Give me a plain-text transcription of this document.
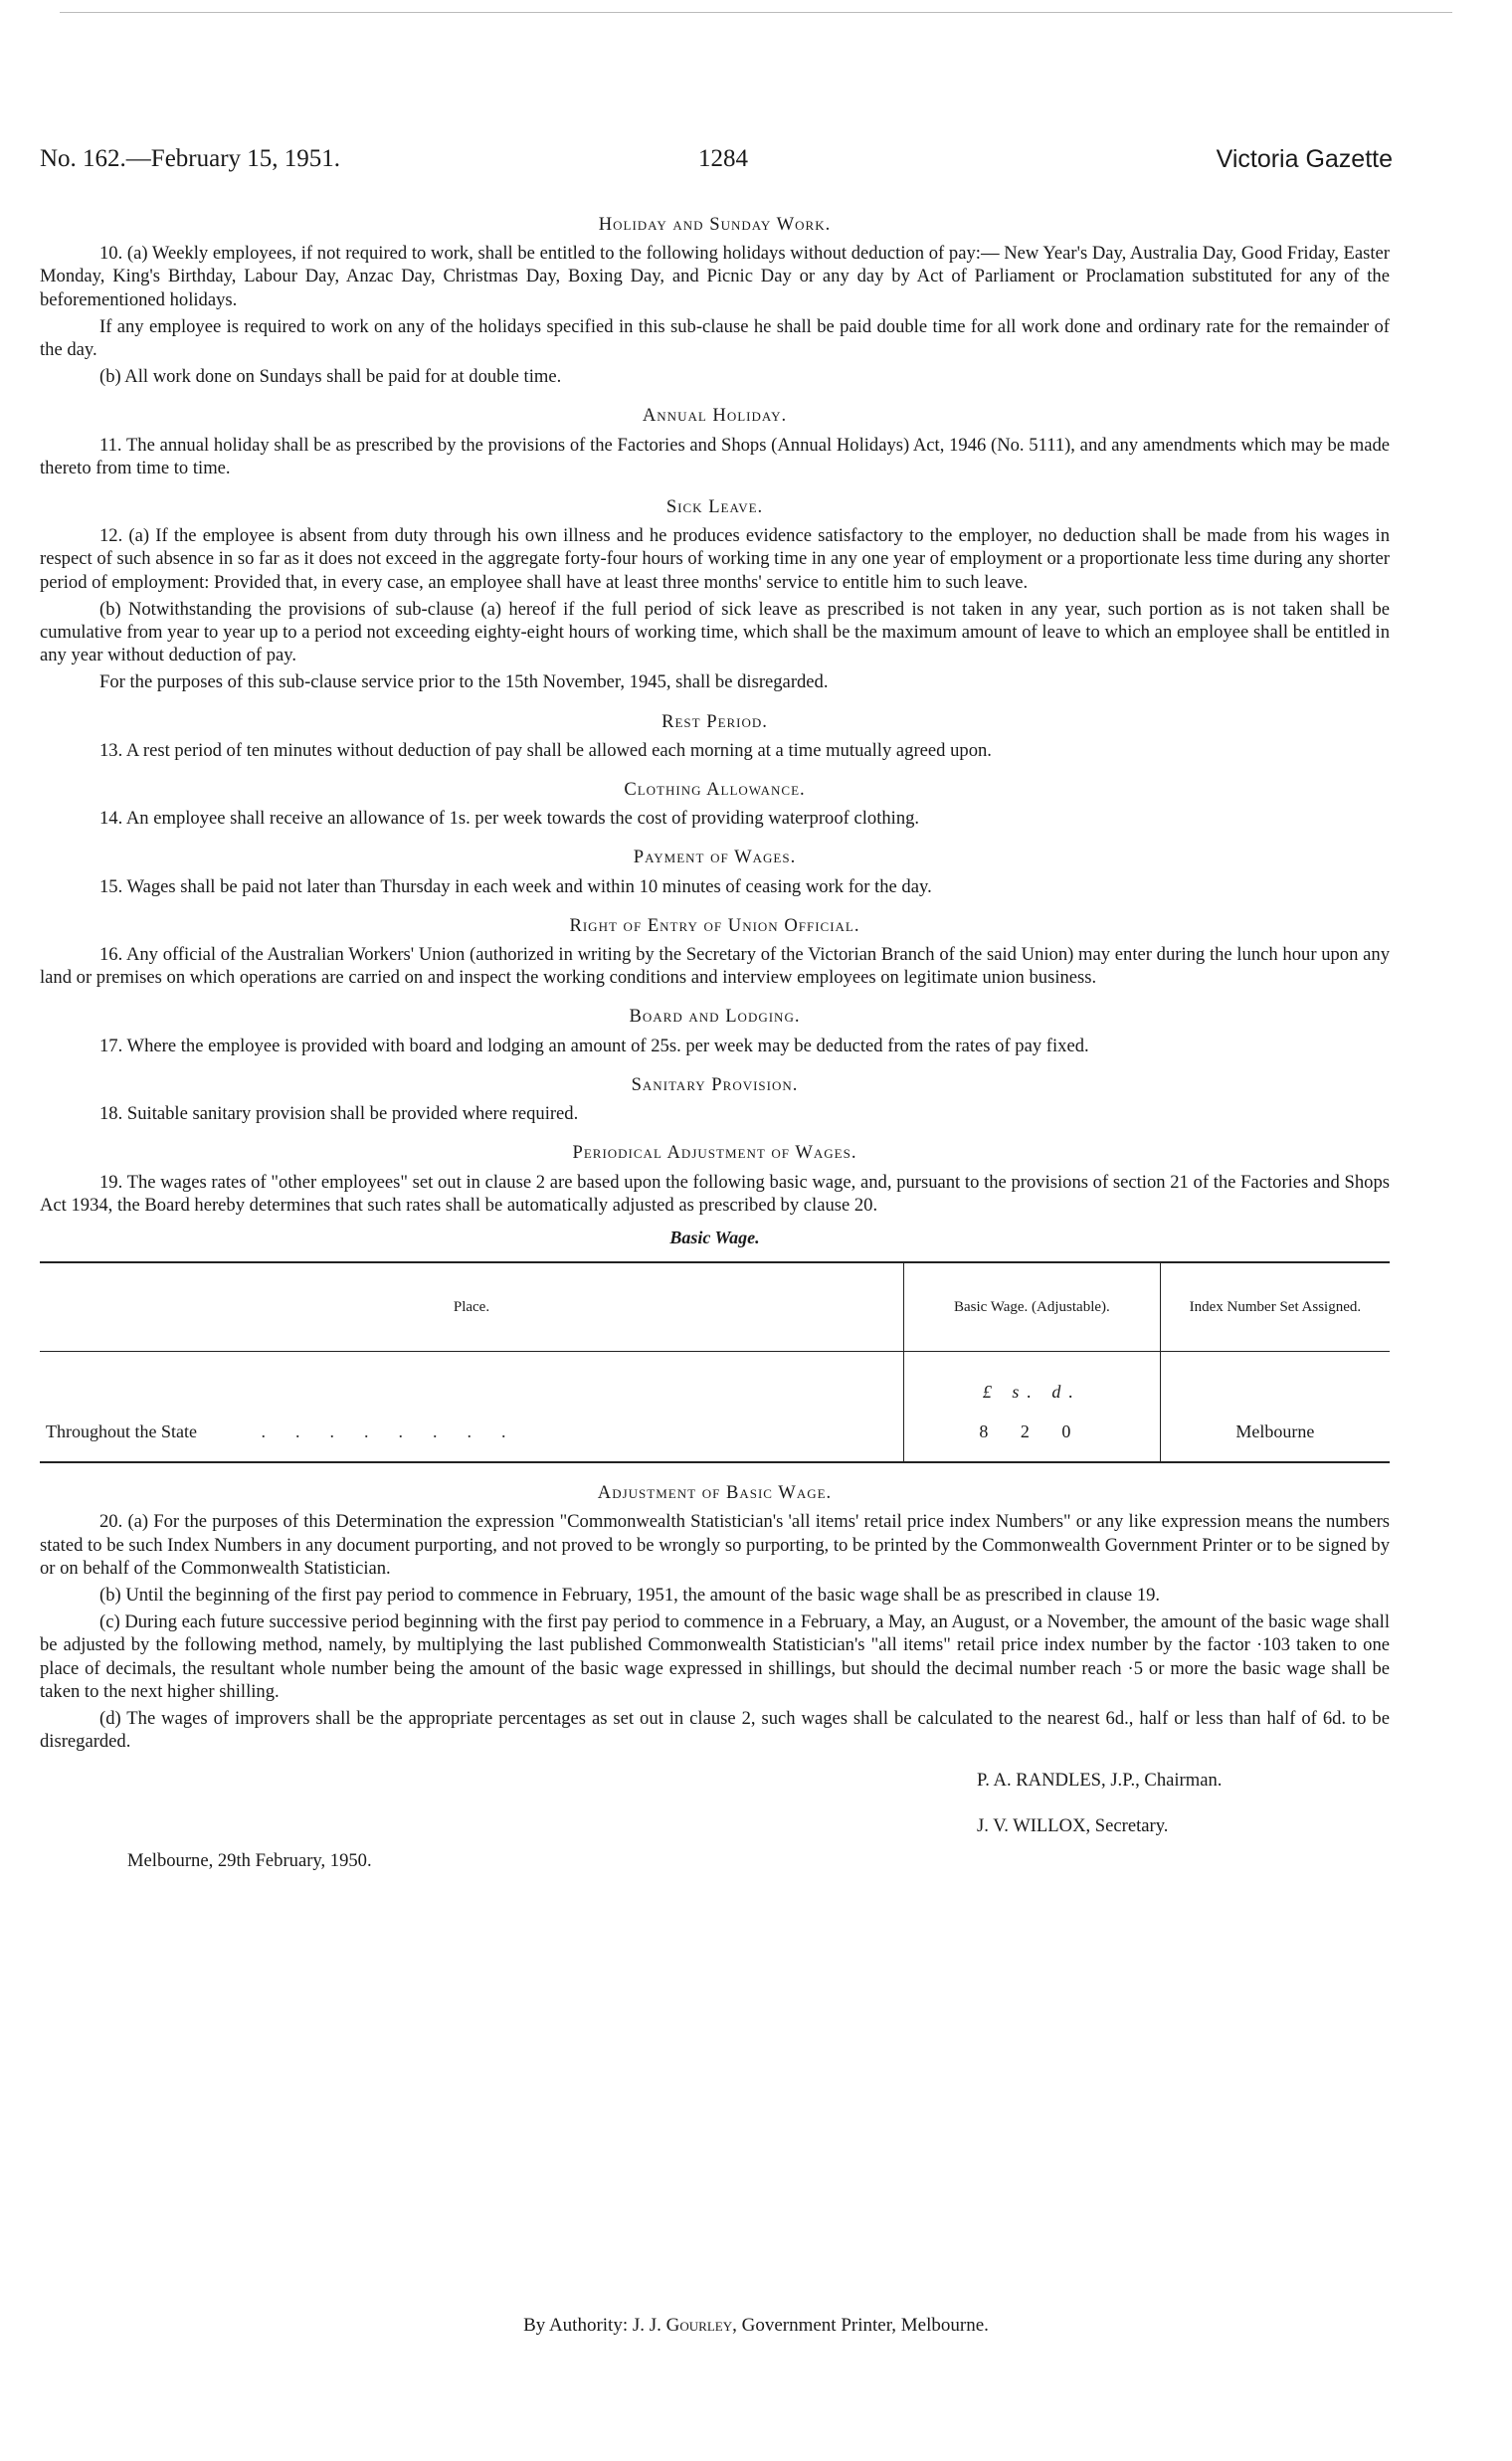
No. 162.—February 15, 1951.	1284	Victoria Gazette
Holiday and Sunday Work.

10. (a) Weekly employees, if not required to work, shall be entitled to the following holidays without deduction of pay:— New Year's Day, Australia Day, Good Friday, Easter Monday, King's Birthday, Labour Day, Anzac Day, Christmas Day, Boxing Day, and Picnic Day or any day by Act of Parliament or Proclamation substituted for any of the beforementioned holidays.

If any employee is required to work on any of the holidays specified in this sub-clause he shall be paid double time for all work done and ordinary rate for the remainder of the day.

(b) All work done on Sundays shall be paid for at double time.

Annual Holiday.

11. The annual holiday shall be as prescribed by the provisions of the Factories and Shops (Annual Holidays) Act, 1946 (No. 5111), and any amendments which may be made thereto from time to time.

Sick Leave.

12. (a) If the employee is absent from duty through his own illness and he produces evidence satisfactory to the employer, no deduction shall be made from his wages in respect of such absence in so far as it does not exceed in the aggregate forty-four hours of working time in any one year of employment or a proportionate less time during any shorter period of employment: Provided that, in every case, an employee shall have at least three months' service to entitle him to such leave.

(b) Notwithstanding the provisions of sub-clause (a) hereof if the full period of sick leave as prescribed is not taken in any year, such portion as is not taken shall be cumulative from year to year up to a period not exceeding eighty-eight hours of working time, which shall be the maximum amount of leave to which an employee shall be entitled in any year without deduction of pay.

For the purposes of this sub-clause service prior to the 15th November, 1945, shall be disregarded.

Rest Period.

13. A rest period of ten minutes without deduction of pay shall be allowed each morning at a time mutually agreed upon.

Clothing Allowance.

14. An employee shall receive an allowance of 1s. per week towards the cost of providing waterproof clothing.

Payment of Wages.

15. Wages shall be paid not later than Thursday in each week and within 10 minutes of ceasing work for the day.

Right of Entry of Union Official.

16. Any official of the Australian Workers' Union (authorized in writing by the Secretary of the Victorian Branch of the said Union) may enter during the lunch hour upon any land or premises on which operations are carried on and inspect the working conditions and interview employees on legitimate union business.

Board and Lodging.

17. Where the employee is provided with board and lodging an amount of 25s. per week may be deducted from the rates of pay fixed.

Sanitary Provision.

18. Suitable sanitary provision shall be provided where required.

Periodical Adjustment of Wages.

19. The wages rates of "other employees" set out in clause 2 are based upon the following basic wage, and, pursuant to the provisions of section 21 of the Factories and Shops Act 1934, the Board hereby determines that such rates shall be automatically adjusted as prescribed by clause 20.

Basic Wage.
Place.	Basic Wage. (Adjustable).	Index Number Set Assigned.
	£ s. d.	
Throughout the State ........	8 2 0	Melbourne
Adjustment of Basic Wage.

20. (a) For the purposes of this Determination the expression "Commonwealth Statistician's 'all items' retail price index Numbers" or any like expression means the numbers stated to be such Index Numbers in any document purporting, and not proved to be wrongly so purporting, to be printed by the Commonwealth Government Printer or to be signed by or on behalf of the Commonwealth Statistician.

(b) Until the beginning of the first pay period to commence in February, 1951, the amount of the basic wage shall be as prescribed in clause 19.

(c) During each future successive period beginning with the first pay period to commence in a February, a May, an August, or a November, the amount of the basic wage shall be adjusted by the following method, namely, by multiplying the last published Commonwealth Statistician's "all items" retail price index number by the factor ·103 taken to one place of decimals, the resultant whole number being the amount of the basic wage expressed in shillings, but should the decimal number reach ·5 or more the basic wage shall be taken to the next higher shilling.

(d) The wages of improvers shall be the appropriate percentages as set out in clause 2, such wages shall be calculated to the nearest 6d., half or less than half of 6d. to be disregarded.

P. A. RANDLES, J.P., Chairman.
J. V. WILLOX, Secretary.
Melbourne, 29th February, 1950.
By Authority: J. J. Gourley, Government Printer, Melbourne.
